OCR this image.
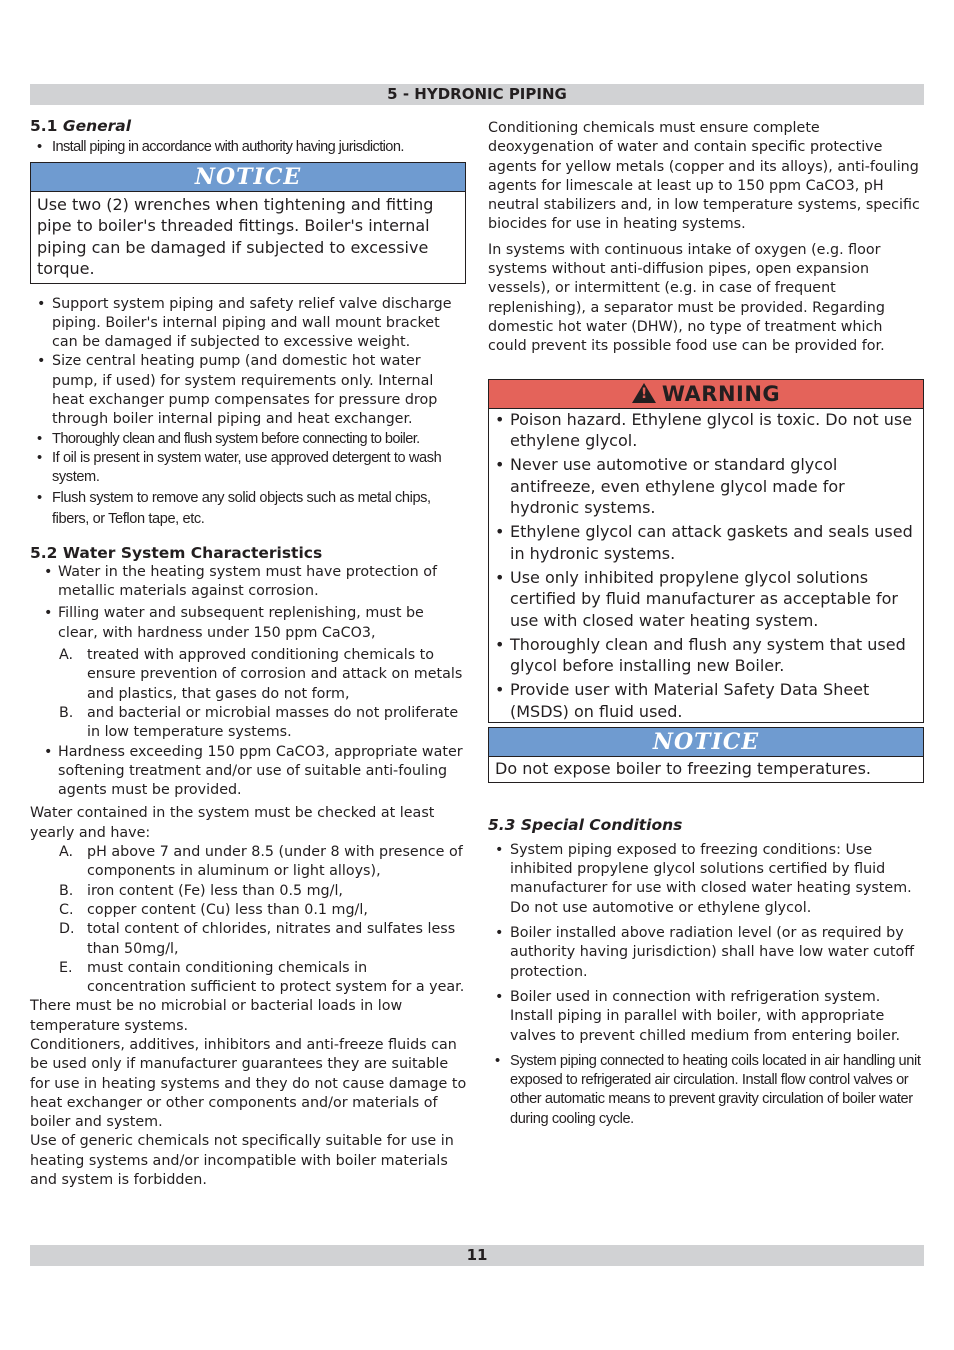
5 - HYDRONIC PIPING
5.1 General
• Install piping in accordance with authority having jurisdiction.
NOTICE
Use two (2) wrenches when tightening and fitting pipe to boiler's threaded fittings. Boiler's internal piping can be damaged if subjected to excessive torque.
• Support system piping and safety relief valve discharge piping. Boiler's internal piping and wall mount bracket can be damaged if subjected to excessive weight.
• Size central heating pump (and domestic hot water pump, if used) for system requirements only. Internal heat exchanger pump compensates for pressure drop through boiler internal piping and heat exchanger.
• Thoroughly clean and flush system before connecting to boiler.
• If oil is present in system water, use approved detergent to wash system.
• Flush system to remove any solid objects such as metal chips, fibers, or Teflon tape, etc.
5.2 Water System Characteristics
• Water in the heating system must have protection of metallic materials against corrosion.
• Filling water and subsequent replenishing, must be clear, with hardness under 150 ppm CaCO3,
A. treated with approved conditioning chemicals to ensure prevention of corrosion and attack on metals and plastics, that gases do not form,
B. and bacterial or microbial masses do not proliferate in low temperature systems.
• Hardness exceeding 150 ppm CaCO3, appropriate water softening treatment and/or use of suitable anti-fouling agents must be provided.

Water contained in the system must be checked at least yearly and have:

A. pH above 7 and under 8.5 (under 8 with presence of components in aluminum or light alloys),
B. iron content (Fe) less than 0.5 mg/l,
C. copper content (Cu) less than 0.1 mg/l,
D. total content of chlorides, nitrates and sulfates less than 50mg/l,
E. must contain conditioning chemicals in concentration sufficient to protect system for a year.

There must be no microbial or bacterial loads in low temperature systems.

Conditioners, additives, inhibitors and anti-freeze fluids can be used only if manufacturer guarantees they are suitable for use in heating systems and they do not cause damage to heat exchanger or other components and/or materials of boiler and system.

Use of generic chemicals not specifically suitable for use in heating systems and/or incompatible with boiler materials and system is forbidden.

Conditioning chemicals must ensure complete deoxygenation of water and contain specific protective agents for yellow metals (copper and its alloys), anti-fouling agents for limescale at least up to 150 ppm CaCO3, pH neutral stabilizers and, in low temperature systems, specific biocides for use in heating systems.

In systems with continuous intake of oxygen (e.g. floor systems without anti-diffusion pipes, open expansion vessels), or intermittent (e.g. in case of frequent replenishing), a separator must be provided. Regarding domestic hot water (DHW), no type of treatment which could prevent its possible food use can be provided for.

! WARNING
• Poison hazard. Ethylene glycol is toxic. Do not use ethylene glycol.
• Never use automotive or standard glycol antifreeze, even ethylene glycol made for hydronic systems.
• Ethylene glycol can attack gaskets and seals used in hydronic systems.
• Use only inhibited propylene glycol solutions certified by fluid manufacturer as acceptable for use with closed water heating system.
• Thoroughly clean and flush any system that used glycol before installing new Boiler.
• Provide user with Material Safety Data Sheet (MSDS) on fluid used.
NOTICE
Do not expose boiler to freezing temperatures.
5.3 Special Conditions
• System piping exposed to freezing conditions: Use inhibited propylene glycol solutions certified by fluid manufacturer for use with closed water heating system. Do not use automotive or ethylene glycol.
• Boiler installed above radiation level (or as required by authority having jurisdiction) shall have low water cutoff protection.
• Boiler used in connection with refrigeration system. Install piping in parallel with boiler, with appropriate valves to prevent chilled medium from entering boiler.
• System piping connected to heating coils located in air handling unit exposed to refrigerated air circulation. Install flow control valves or other automatic means to prevent gravity circulation of boiler water during cooling cycle.
11
